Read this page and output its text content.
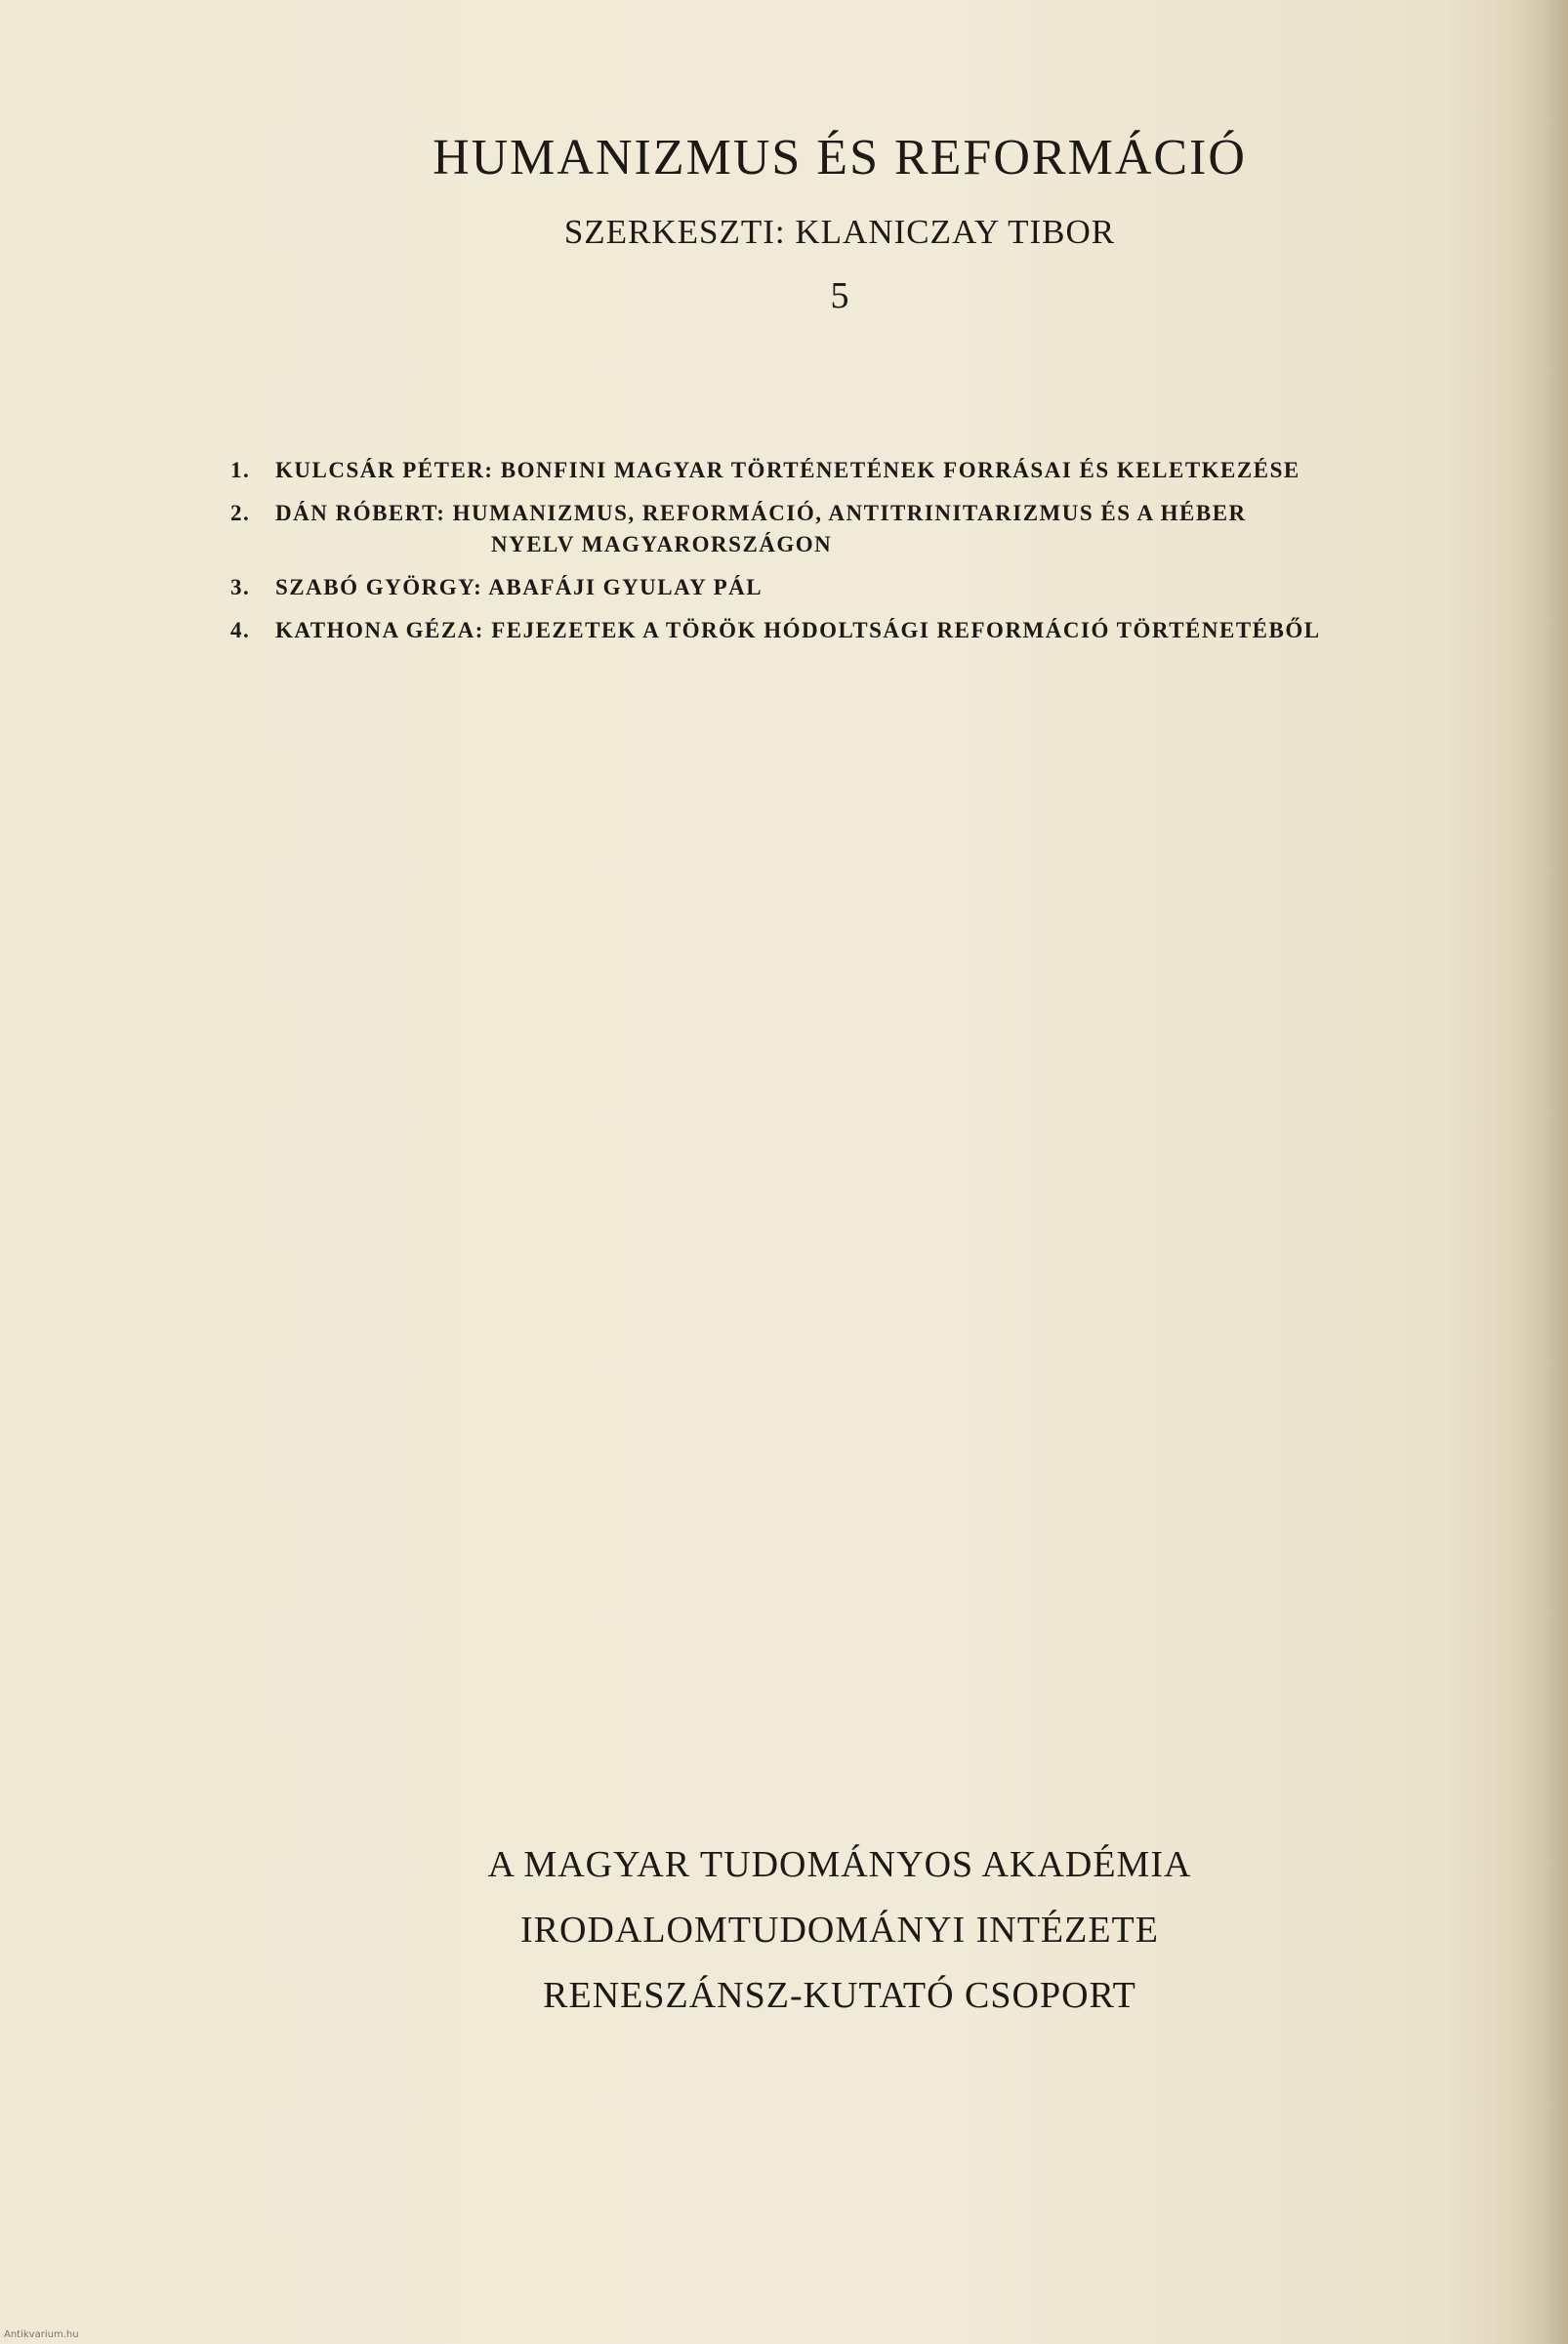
HUMANIZMUS ÉS REFORMÁCIÓ

SZERKESZTI: KLANICZAY TIBOR

5

1. KULCSÁR PÉTER: BONFINI MAGYAR TÖRTÉNETÉNEK FORRÁSAI ÉS KELETKEZÉSE
2. DÁN RÓBERT: HUMANIZMUS, REFORMÁCIÓ, ANTITRINITARIZMUS ÉS A HÉBER
NYELV MAGYARORSZÁGON
3. SZABÓ GYÖRGY: ABAFÁJI GYULAY PÁL
4. KATHONA GÉZA: FEJEZETEK A TÖRÖK HÓDOLTSÁGI REFORMÁCIÓ TÖRTÉNETÉBŐL
A MAGYAR TUDOMÁNYOS AKADÉMIA
IRODALOMTUDOMÁNYI INTÉZETE
RENESZÁNSZ-KUTATÓ CSOPORT
Antikvarium.hu
